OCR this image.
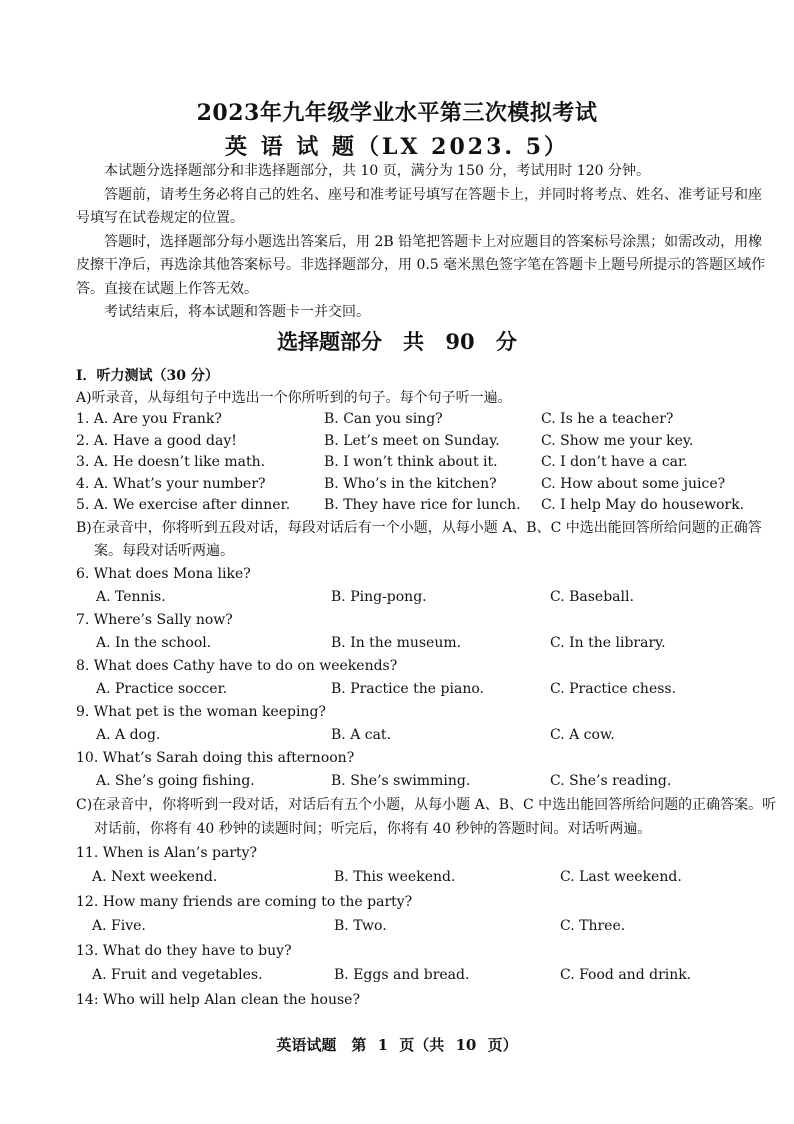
2023年九年级学业水平第三次模拟考试
英 语 试 题（LX 2023. 5）

本试题分选择题部分和非选择题部分，共 10 页，满分为 150 分，考试用时 120 分钟。

答题前，请考生务必将自己的姓名、座号和准考证号填写在答题卡上，并同时将考点、姓名、准考证号和座号填写在试卷规定的位置。

答题时，选择题部分每小题选出答案后，用 2B 铅笔把答题卡上对应题目的答案标号涂黑；如需改动，用橡皮擦干净后，再选涂其他答案标号。非选择题部分，用 0.5 毫米黑色签字笔在答题卡上题号所提示的答题区域作答。直接在试题上作答无效。

考试结束后，将本试题和答题卡一并交回。

选择题部分　共 90 分
I．听力测试（30 分）
A)听录音，从每组句子中选出一个你所听到的句子。每个句子听一遍。
1. A. Are you Frank?	B. Can you sing?	C. Is he a teacher?
2. A. Have a good day!	B. Let’s meet on Sunday.	C. Show me your key.
3. A. He doesn’t like math.	B. I won’t think about it.	C. I don’t have a car.
4. A. What’s your number?	B. Who’s in the kitchen?	C. How about some juice?
5. A. We exercise after dinner. B. They have rice for lunch. C. I help May do housework.
B)在录音中，你将听到五段对话，每段对话后有一个小题，从每小题 A、B、C 中选出能回答所给问题的正确答案。每段对话听两遍。
6. What does Mona like?
A. Tennis.	B. Ping-pong.	C. Baseball.
7. Where’s Sally now?
A. In the school.	B. In the museum.	C. In the library.
8. What does Cathy have to do on weekends?
A. Practice soccer.	B. Practice the piano.	C. Practice chess.
9. What pet is the woman keeping?
A. A dog.	B. A cat.	C. A cow.
10. What’s Sarah doing this afternoon?
A. She’s going fishing.	B. She’s swimming.	C. She’s reading.
C)在录音中，你将听到一段对话，对话后有五个小题，从每小题 A、B、C 中选出能回答所给问题的正确答案。听对话前，你将有 40 秒钟的读题时间；听完后，你将有 40 秒钟的答题时间。对话听两遍。
11. When is Alan’s party?
A. Next weekend.	B. This weekend.	C. Last weekend.
12. How many friends are coming to the party?
A. Five.	B. Two.	C. Three.
13. What do they have to buy?
A. Fruit and vegetables.	B. Eggs and bread.	C. Food and drink.
14: Who will help Alan clean the house?
英语试题　第 1 页（共 10 页）
